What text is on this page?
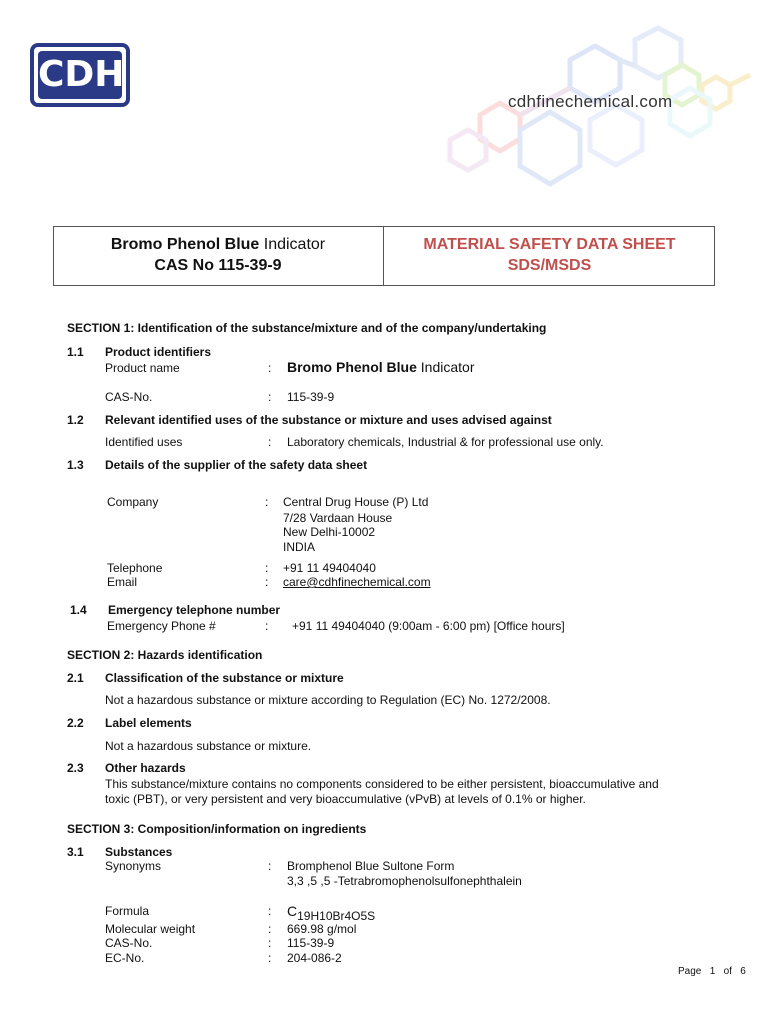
CDH
cdhfinechemical.com
Bromo Phenol Blue Indicator
CAS No 115-39-9
MATERIAL SAFETY DATA SHEET
SDS/MSDS
SECTION 1: Identification of the substance/mixture and of the company/undertaking
1.1 Product identifiers
Product name	: Bromo Phenol Blue Indicator
CAS-No.	: 115-39-9
1.2 Relevant identified uses of the substance or mixture and uses advised against
Identified uses	: Laboratory chemicals, Industrial & for professional use only.
1.3 Details of the supplier of the safety data sheet
Company	: Central Drug House (P) Ltd
7/28 Vardaan House
New Delhi-10002
INDIA
Telephone	: +91 11 49404040
Email	: care@cdhfinechemical.com
1.4 Emergency telephone number
Emergency Phone #	: +91 11 49404040 (9:00am - 6:00 pm) [Office hours]
SECTION 2: Hazards identification
2.1 Classification of the substance or mixture
Not a hazardous substance or mixture according to Regulation (EC) No. 1272/2008.
2.2 Label elements
Not a hazardous substance or mixture.
2.3 Other hazards
This substance/mixture contains no components considered to be either persistent, bioaccumulative and
toxic (PBT), or very persistent and very bioaccumulative (vPvB) at levels of 0.1% or higher.
SECTION 3: Composition/information on ingredients
3.1 Substances
Synonyms	: Bromphenol Blue Sultone Form
3,3 ,5 ,5 -Tetrabromophenolsulfonephthalein
Formula	: C19H10Br4O5S
Molecular weight	: 669.98 g/mol
CAS-No.	: 115-39-9
EC-No.	: 204-086-2
Page 1 of 6
